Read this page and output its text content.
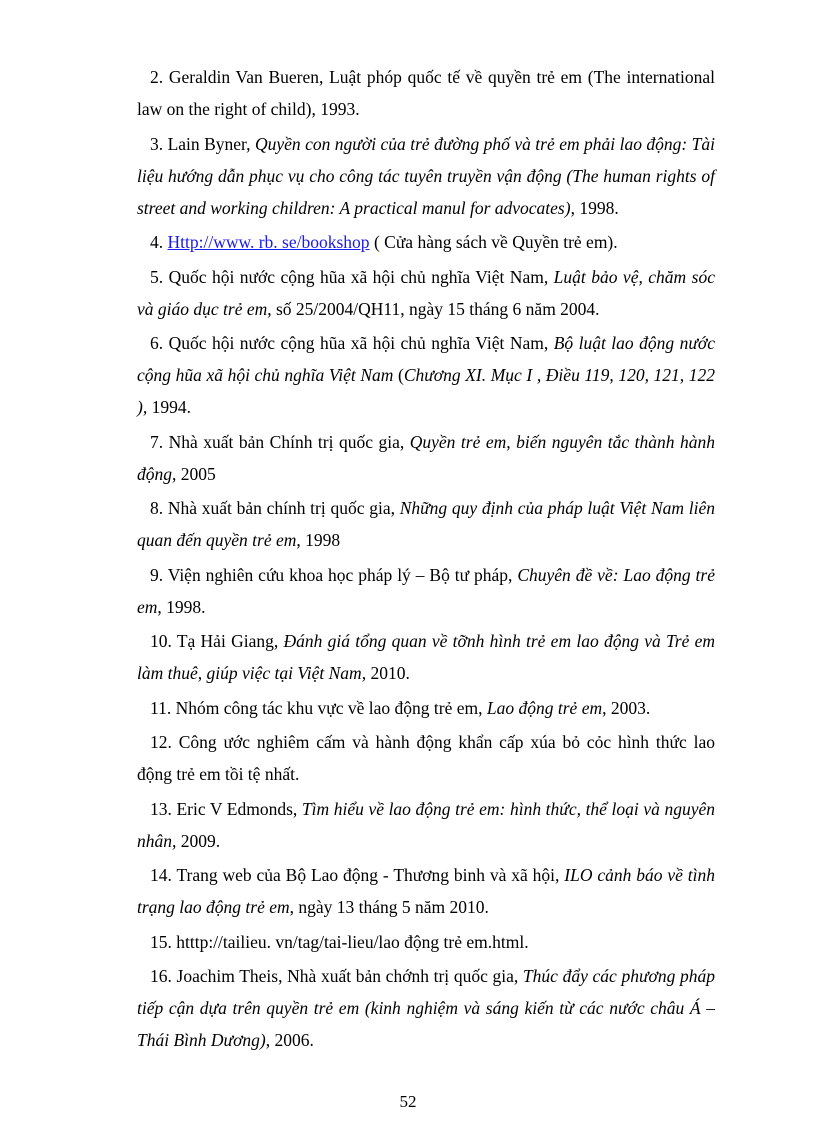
2. Geraldin Van Bueren, Luật phóp quốc tế về quyền trẻ em (The international law on the right of child), 1993.

3. Lain Byner, Quyền con người của trẻ đường phố và trẻ em phải lao động: Tài liệu hướng dẫn phục vụ cho công tác tuyên truyền vận động (The human rights of street and working children: A practical manul for advocates), 1998.

4. Http://www. rb. se/bookshop ( Cửa hàng sách về Quyền trẻ em).

5. Quốc hội nước cộng hũa xã hội chủ nghĩa Việt Nam, Luật bảo vệ, chăm sóc và giáo dục trẻ em, số 25/2004/QH11, ngày 15 tháng 6 năm 2004.

6. Quốc hội nước cộng hũa xã hội chủ nghĩa Việt Nam, Bộ luật lao động nước cộng hũa xã hội chủ nghĩa Việt Nam (Chương XI. Mục I , Điều 119, 120, 121, 122 ), 1994.

7. Nhà xuất bản Chính trị quốc gia, Quyền trẻ em, biến nguyên tắc thành hành động, 2005

8. Nhà xuất bản chính trị quốc gia, Những quy định của pháp luật Việt Nam liên quan đến quyền trẻ em, 1998

9. Viện nghiên cứu khoa học pháp lý – Bộ tư pháp, Chuyên đề về: Lao động trẻ em, 1998.

10. Tạ Hải Giang, Đánh giá tổng quan về tỡnh hình trẻ em lao động và Trẻ em làm thuê, giúp việc tại Việt Nam, 2010.

11. Nhóm công tác khu vực về lao động trẻ em, Lao động trẻ em, 2003.

12. Công ước nghiêm cấm và hành động khẩn cấp xúa bỏ cỏc hình thức lao động trẻ em tồi tệ nhất.

13. Eric V Edmonds, Tìm hiểu về lao động trẻ em: hình thức, thể loại và nguyên nhân, 2009.

14. Trang web của Bộ Lao động - Thương binh và xã hội, ILO cảnh báo về tình trạng lao động trẻ em, ngày 13 tháng 5 năm 2010.

15. htttp://tailieu. vn/tag/tai-lieu/lao động trẻ em.html.

16. Joachim Theis, Nhà xuất bản chớnh trị quốc gia, Thúc đẩy các phương pháp tiếp cận dựa trên quyền trẻ em (kinh nghiệm và sáng kiến từ các nước châu Á – Thái Bình Dương), 2006.

52
